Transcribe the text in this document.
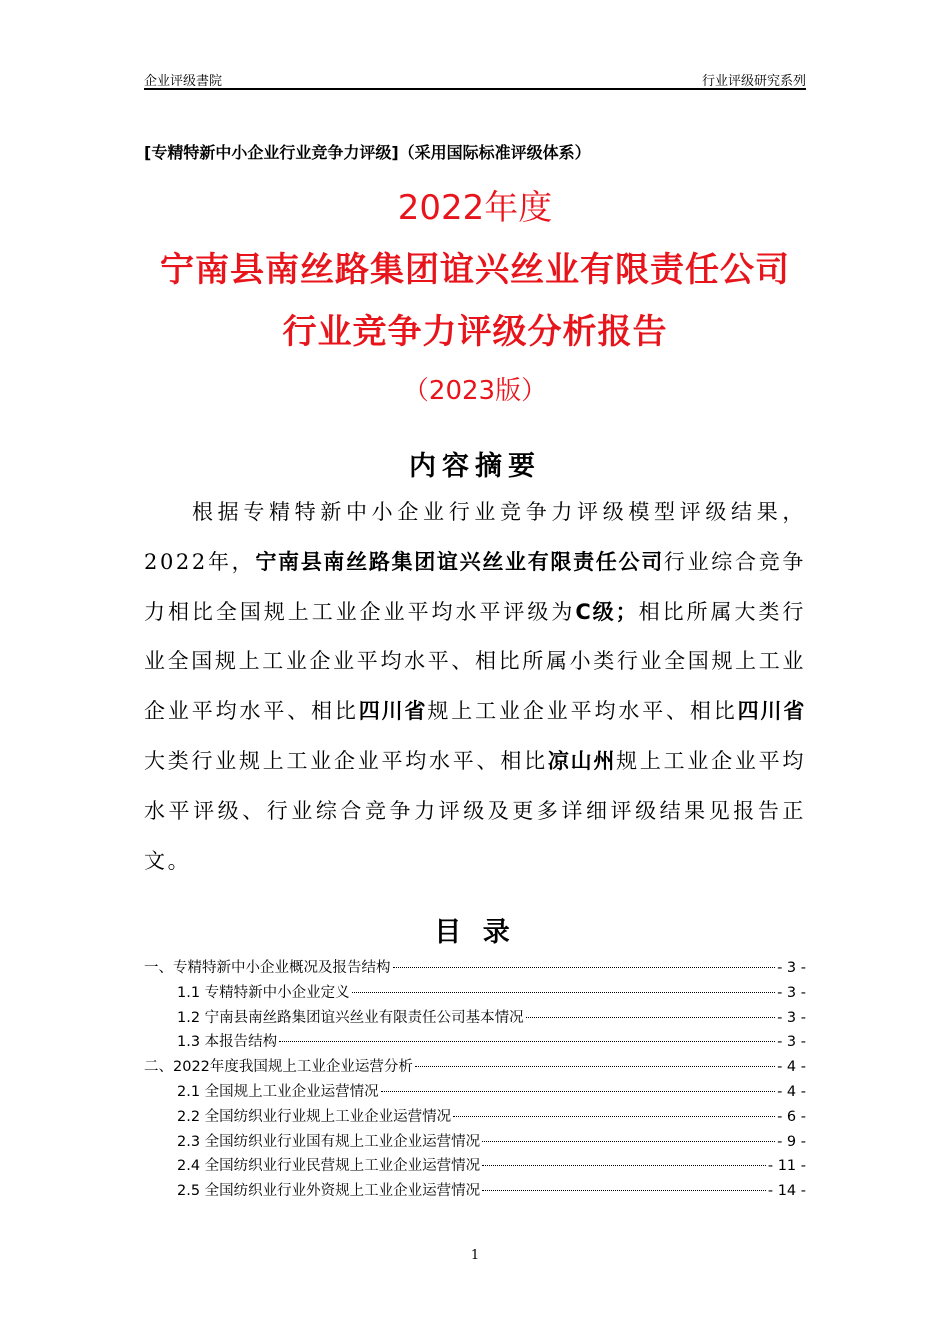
企业评级書院	行业评级研究系列
[专精特新中小企业行业竞争力评级]（采用国际标准评级体系）
2022年度
宁南县南丝路集团谊兴丝业有限责任公司
行业竞争力评级分析报告
（2023版）
内容摘要
根据专精特新中小企业行业竞争力评级模型评级结果，2022年，宁南县南丝路集团谊兴丝业有限责任公司行业综合竞争力相比全国规上工业企业平均水平评级为C级；相比所属大类行业全国规上工业企业平均水平、相比所属小类行业全国规上工业企业平均水平、相比四川省规上工业企业平均水平、相比四川省大类行业规上工业企业平均水平、相比凉山州规上工业企业平均水平评级、行业综合竞争力评级及更多详细评级结果见报告正文。
目 录
一、专精特新中小企业概况及报告结构	- 3 -
1.1 专精特新中小企业定义	- 3 -
1.2 宁南县南丝路集团谊兴丝业有限责任公司基本情况	- 3 -
1.3 本报告结构	- 3 -
二、2022年度我国规上工业企业运营分析	- 4 -
2.1 全国规上工业企业运营情况	- 4 -
2.2 全国纺织业行业规上工业企业运营情况	- 6 -
2.3 全国纺织业行业国有规上工业企业运营情况	- 9 -
2.4 全国纺织业行业民营规上工业企业运营情况	- 11 -
2.5 全国纺织业行业外资规上工业企业运营情况	- 14 -
1
